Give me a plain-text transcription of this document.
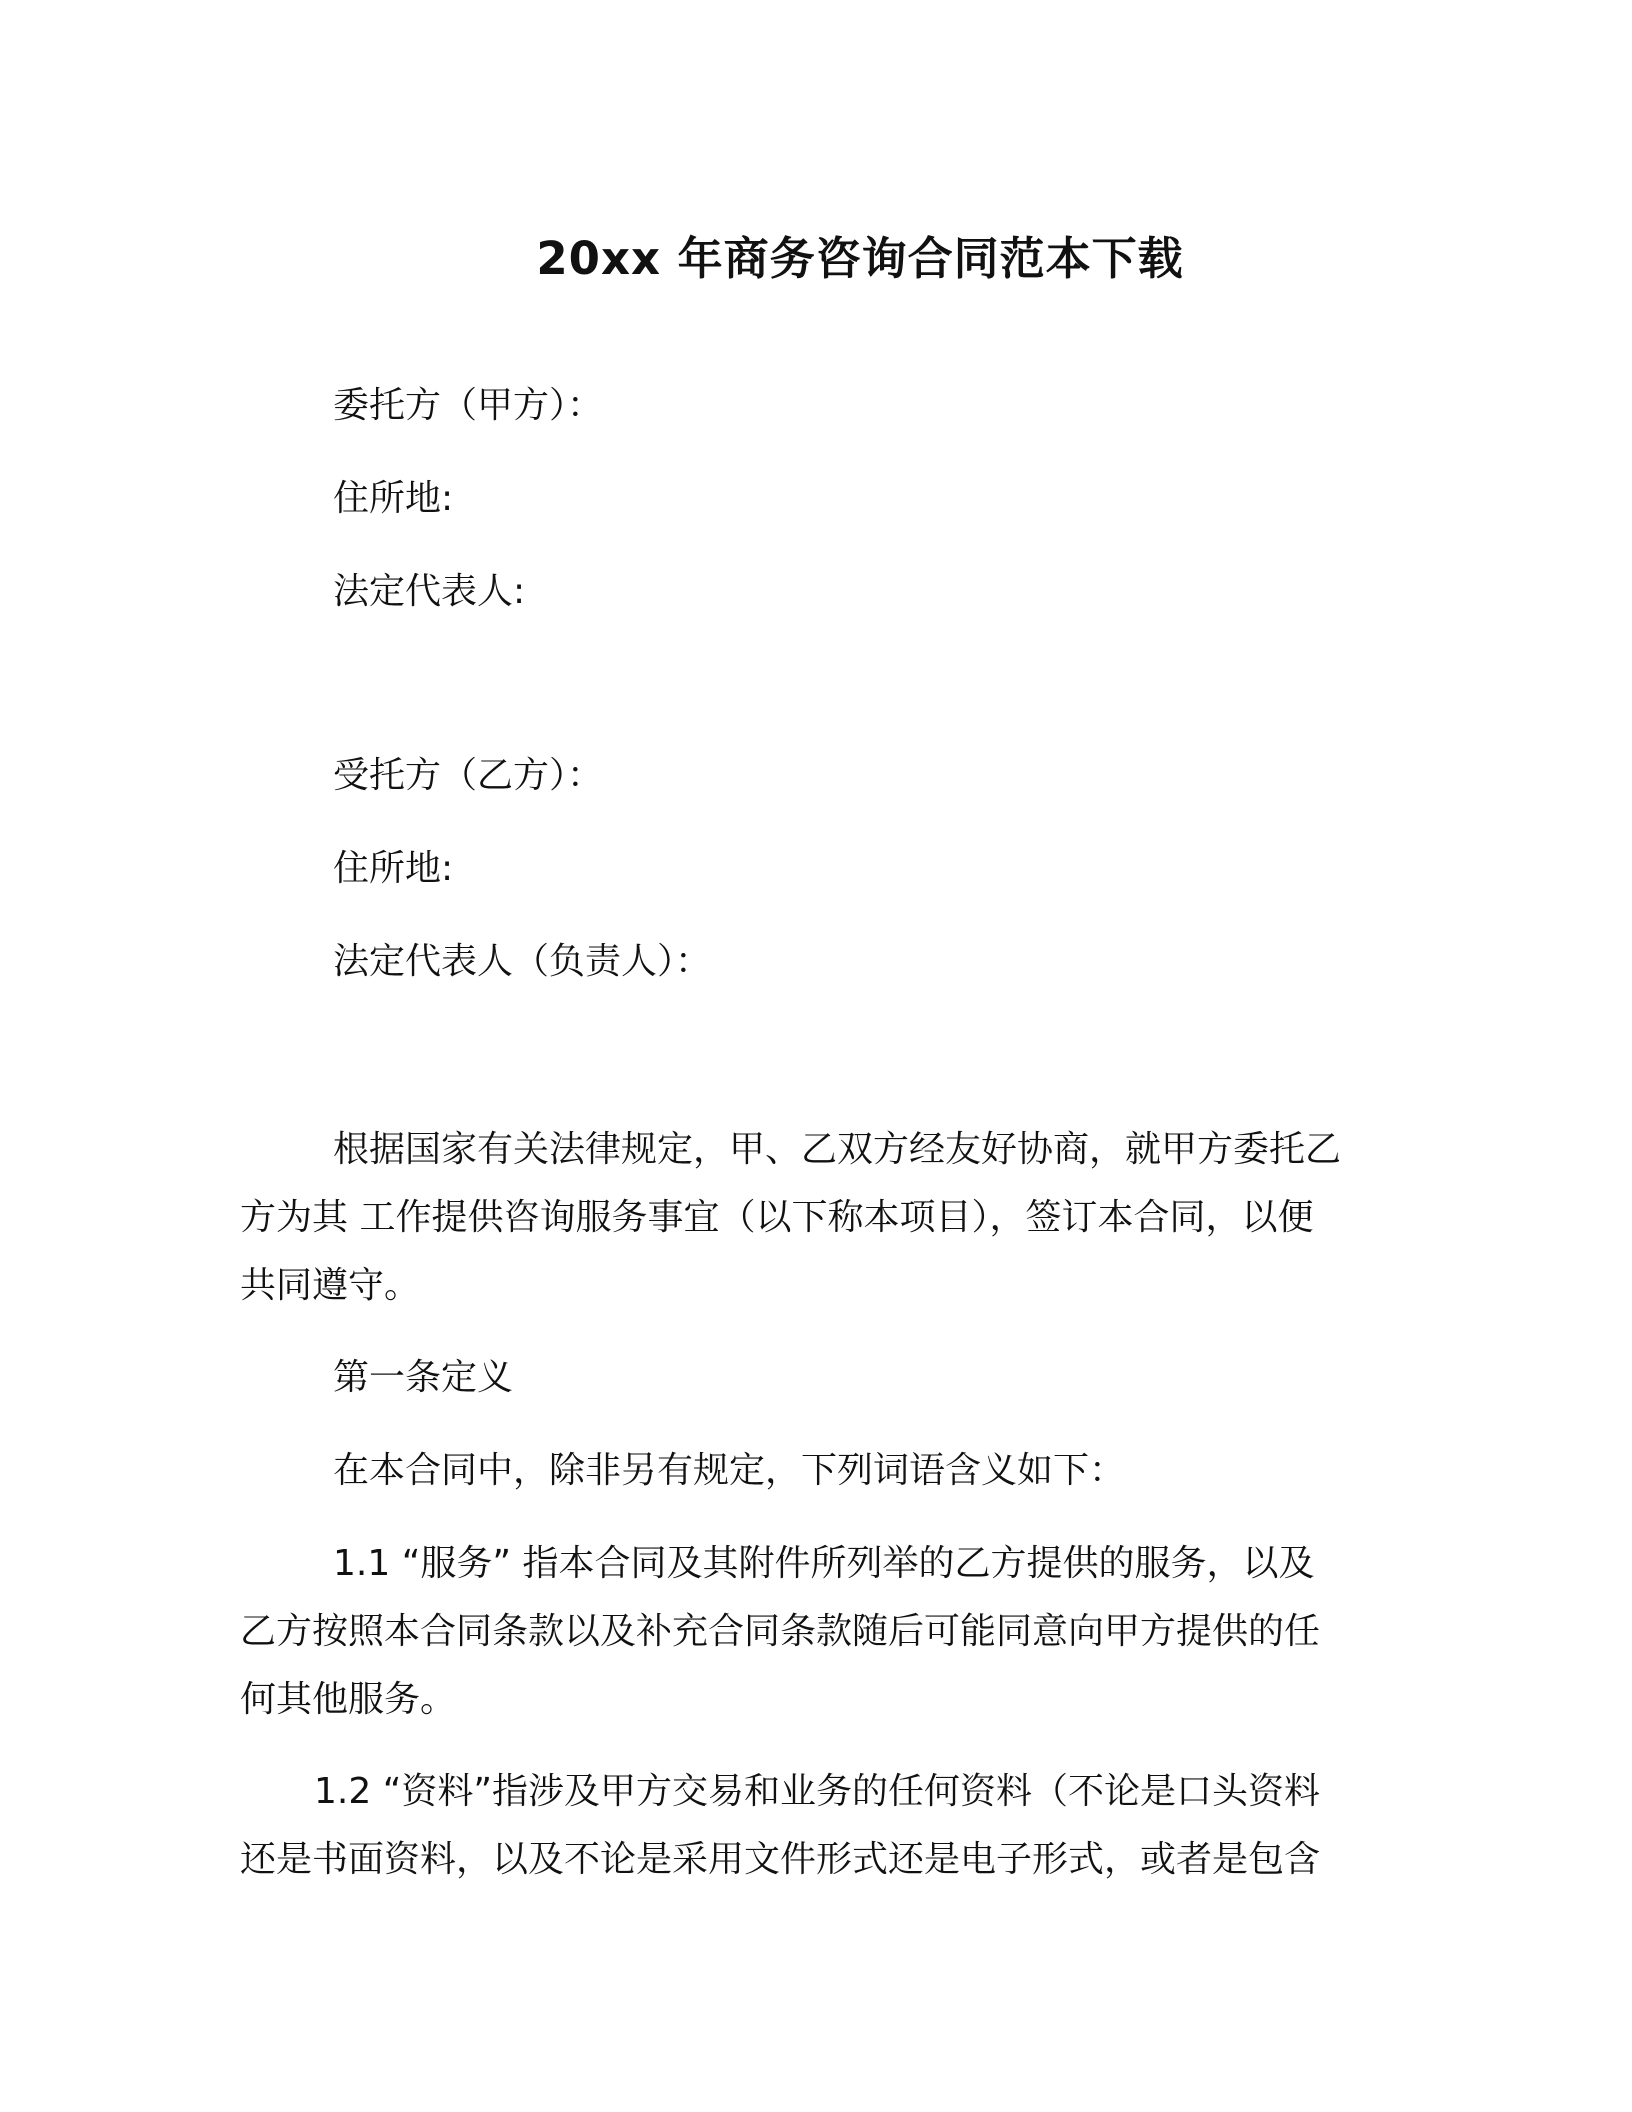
20xx 年商务咨询合同范本下载
委托方（甲方）：
住所地:
法定代表人:
受托方（乙方）：
住所地:
法定代表人（负责人）：
根据国家有关法律规定，甲、乙双方经友好协商，就甲方委托乙
方为其 工作提供咨询服务事宜（以下称本项目），签订本合同，以便
共同遵守。
第一条定义
在本合同中，除非另有规定，下列词语含义如下：
1.1 “服务” 指本合同及其附件所列举的乙方提供的服务，以及
乙方按照本合同条款以及补充合同条款随后可能同意向甲方提供的任
何其他服务。
1.2 “资料”指涉及甲方交易和业务的任何资料（不论是口头资料
还是书面资料，以及不论是采用文件形式还是电子形式，或者是包含
